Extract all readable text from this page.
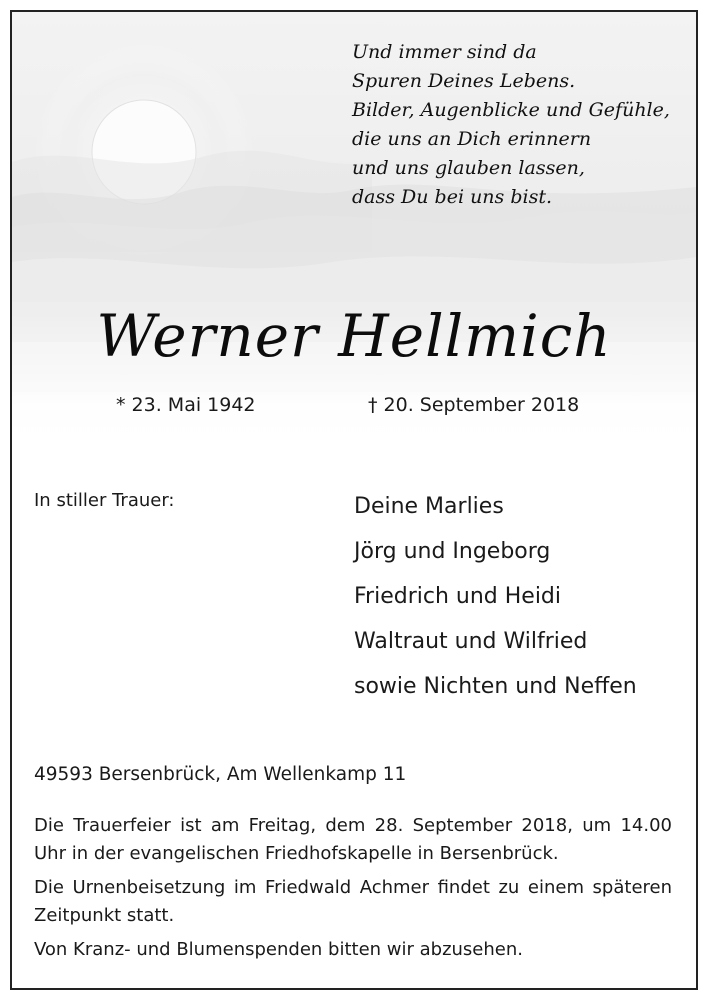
Und immer sind da
Spuren Deines Lebens.
Bilder, Augenblicke und Gefühle,
die uns an Dich erinnern
und uns glauben lassen,
dass Du bei uns bist.
Werner Hellmich
* 23. Mai 1942	† 20. September 2018
In stiller Trauer:	Deine Marlies
Jörg und Ingeborg
Friedrich und Heidi
Waltraut und Wilfried
sowie Nichten und Neffen
49593 Bersenbrück, Am Wellenkamp 11

Die Trauerfeier ist am Freitag, dem 28. September 2018, um 14.00 Uhr in der evangelischen Friedhofskapelle in Bersenbrück.

Die Urnenbeisetzung im Friedwald Achmer findet zu einem späteren Zeitpunkt statt.

Von Kranz- und Blumenspenden bitten wir abzusehen.
